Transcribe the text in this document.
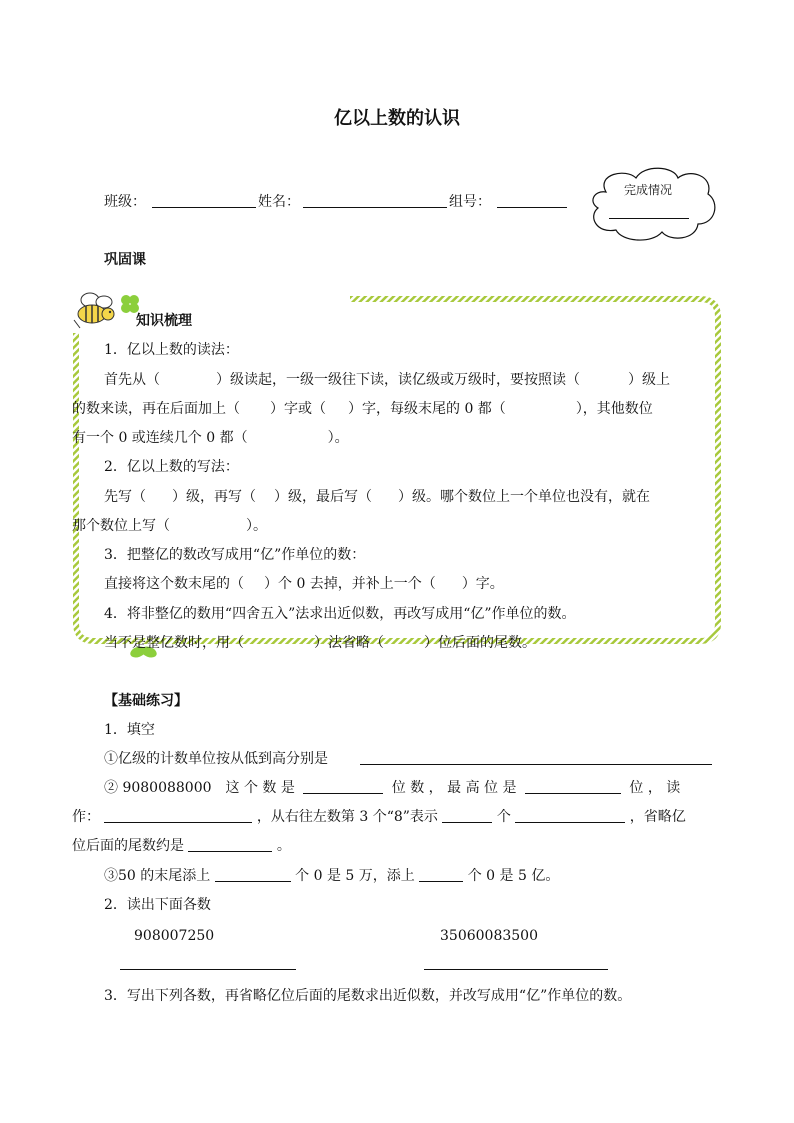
亿以上数的认识
班级：	姓名：	组号：
完成情况
巩固课
知识梳理
1．亿以上数的读法：
首先从（	）级读起，一级一级往下读，读亿级或万级时，要按照读（	）级上
的数来读，再在后面加上（ ）字或（ ）字，每级末尾的 0 都（	），其他数位
有一个 0 或连续几个 0 都（	）。
2．亿以上数的写法：
先写（ ）级，再写（ ）级，最后写（ ）级。哪个数位上一个单位也没有，就在
那个数位上写（	）。
3．把整亿的数改写成用“亿”作单位的数：
直接将这个数末尾的（ ）个 0 去掉，并补上一个（ ）字。
4．将非整亿的数用“四舍五入”法求出近似数，再改写成用“亿”作单位的数。
当不是整亿数时，用（	）法省略（	）位后面的尾数。
【基础练习】
1．填空
①亿级的计数单位按从低到高分别是
② 9080088000　这 个 数 是	位 数 ， 最 高 位 是	位 ， 读
作：	，从右往左数第 3 个“8”表示	个	，省略亿
位后面的尾数约是	。
③50 的末尾添上	个 0 是 5 万，添上	个 0 是 5 亿。
2．读出下面各数
908007250	35060083500
3．写出下列各数，再省略亿位后面的尾数求出近似数，并改写成用“亿”作单位的数。
